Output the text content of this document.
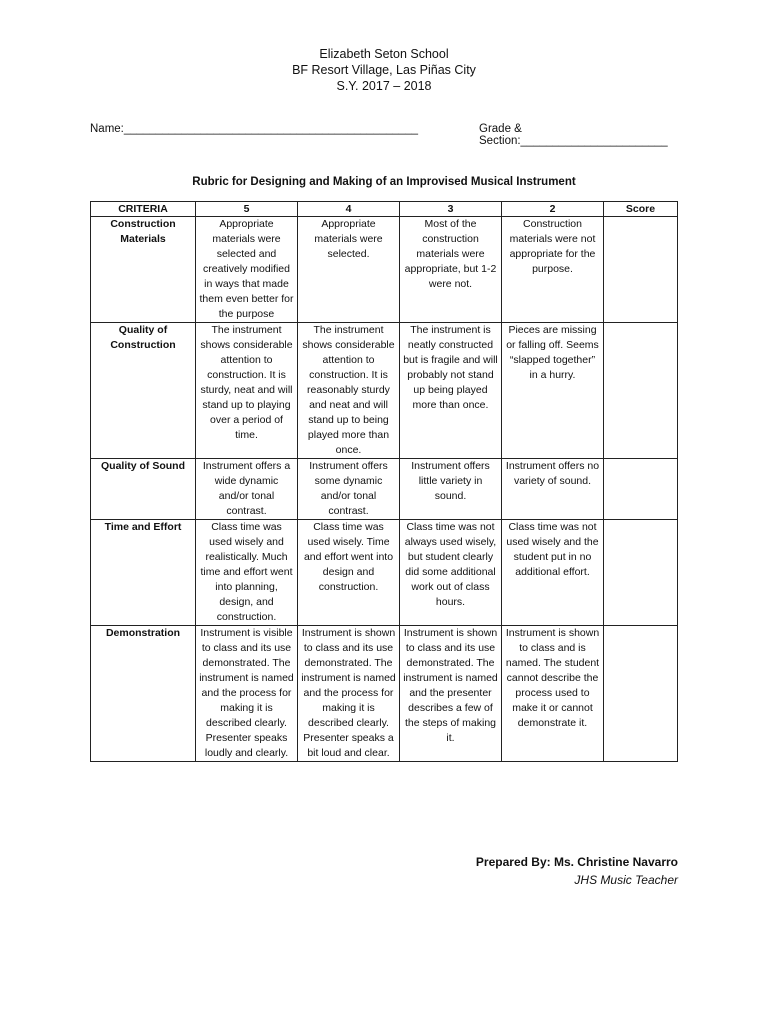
Elizabeth Seton School
BF Resort Village, Las Piñas City
S.Y. 2017 – 2018
Name:______________________________________________	Grade & Section:_______________________
Rubric for Designing and Making of an Improvised Musical Instrument
CRITERIA	5	4	3	2	Score
Construction Materials	Appropriate materials were selected and creatively modified in ways that made them even better for the purpose	Appropriate materials were selected.	Most of the construction materials were appropriate, but 1-2 were not.	Construction materials were not appropriate for the purpose.	
Quality of Construction	The instrument shows considerable attention to construction. It is sturdy, neat and will stand up to playing over a period of time.	The instrument shows considerable attention to construction. It is reasonably sturdy and neat and will stand up to being played more than once.	The instrument is neatly constructed but is fragile and will probably not stand up being played more than once.	Pieces are missing or falling off. Seems “slapped together” in a hurry.	
Quality of Sound	Instrument offers a wide dynamic and/or tonal contrast.	Instrument offers some dynamic and/or tonal contrast.	Instrument offers little variety in sound.	Instrument offers no variety of sound.	
Time and Effort	Class time was used wisely and realistically. Much time and effort went into planning, design, and construction.	Class time was used wisely. Time and effort went into design and construction.	Class time was not always used wisely, but student clearly did some additional work out of class hours.	Class time was not used wisely and the student put in no additional effort.	
Demonstration	Instrument is visible to class and its use demonstrated. The instrument is named and the process for making it is described clearly. Presenter speaks loudly and clearly.	Instrument is shown to class and its use demonstrated. The instrument is named and the process for making it is described clearly. Presenter speaks a bit loud and clear.	Instrument is shown to class and its use demonstrated. The instrument is named and the presenter describes a few of the steps of making it.	Instrument is shown to class and is named. The student cannot describe the process used to make it or cannot demonstrate it.	
Prepared By: Ms. Christine Navarro
JHS Music Teacher
